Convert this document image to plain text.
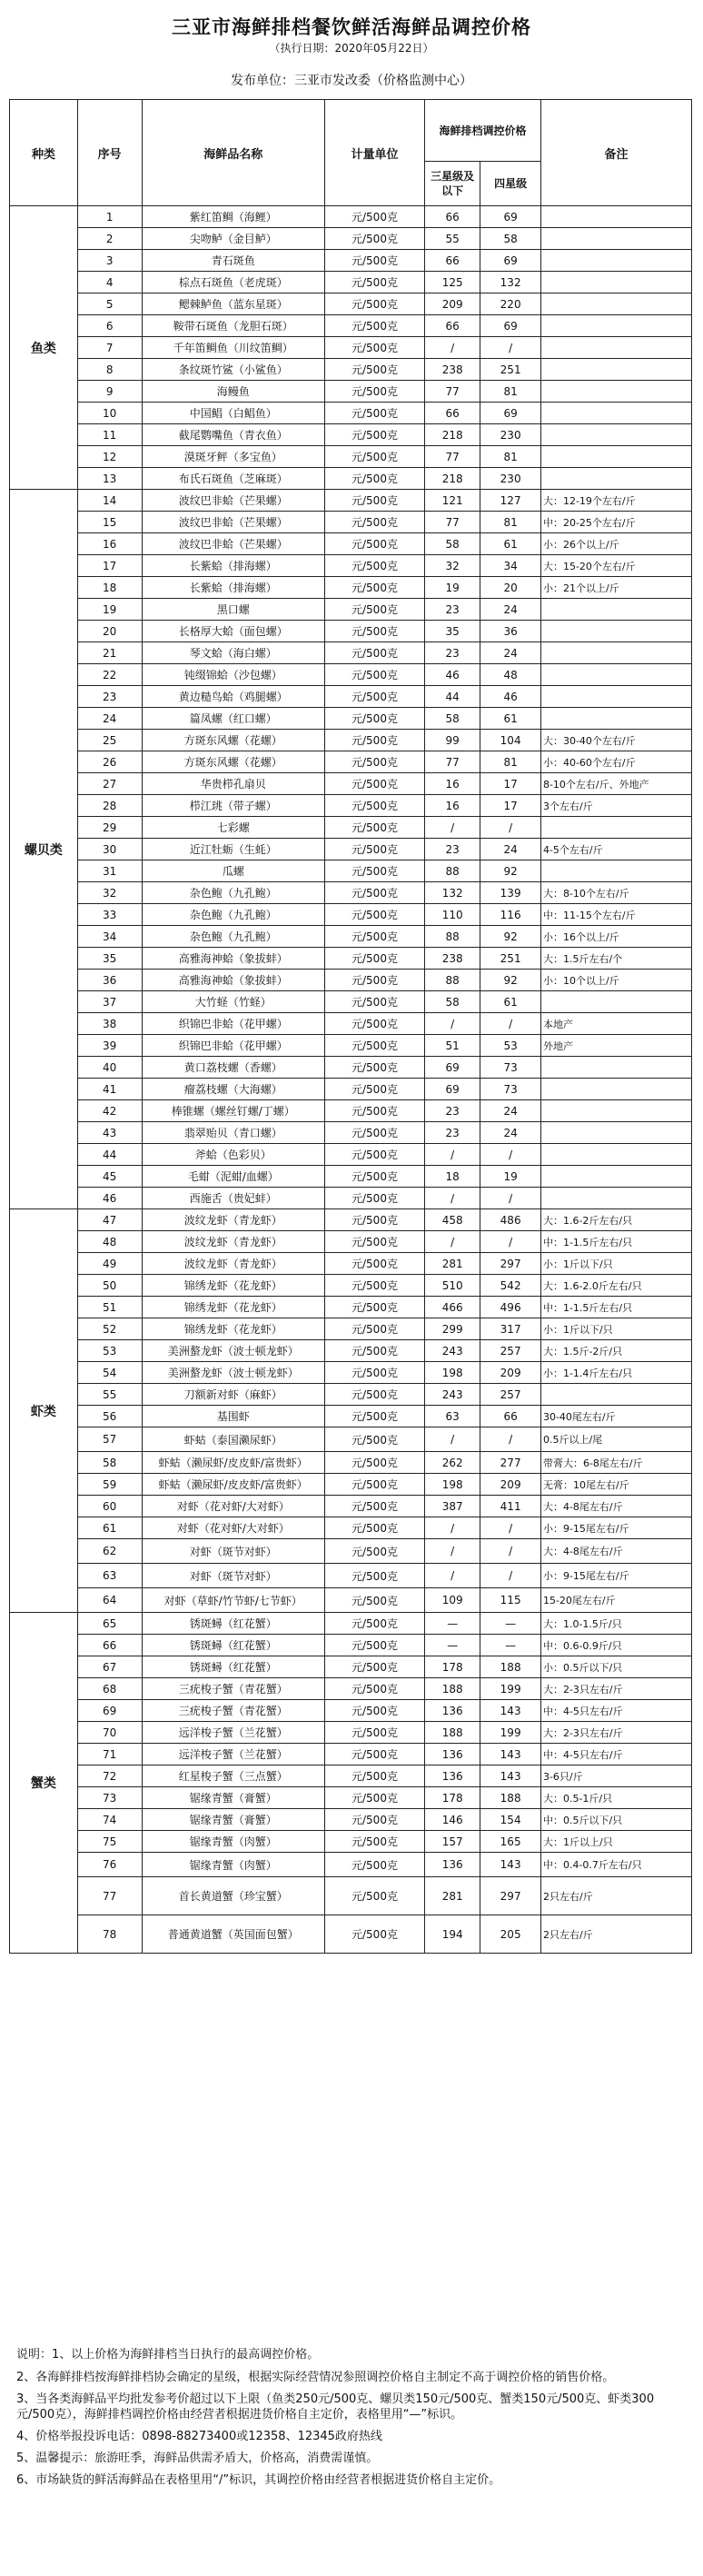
三亚市海鲜排档餐饮鲜活海鲜品调控价格
（执行日期：2020年05月22日）
发布单位：三亚市发改委（价格监测中心）
种类	序号	海鲜品名称	计量单位	海鲜排档调控价格		备注
				三星级及以下	四星级	
鱼类	1	紫红笛鲷（海鲤）	元/500克	66	69	
	2	尖吻鲈（金目鲈）	元/500克	55	58	
	3	青石斑鱼	元/500克	66	69	
	4	棕点石斑鱼（老虎斑）	元/500克	125	132	
	5	鳃棘鲈鱼（蓝东星斑）	元/500克	209	220	
	6	鞍带石斑鱼（龙胆石斑）	元/500克	66	69	
	7	千年笛鲷鱼（川纹笛鲷）	元/500克	/	/	
	8	条纹斑竹鲨（小鲨鱼）	元/500克	238	251	
	9	海鳗鱼	元/500克	77	81	
	10	中国鲳（白鲳鱼）	元/500克	66	69	
	11	截尾鹦嘴鱼（青衣鱼）	元/500克	218	230	
	12	漠斑牙鲆（多宝鱼）	元/500克	77	81	
	13	布氏石斑鱼（芝麻斑）	元/500克	218	230	
螺贝类	14	波纹巴非蛤（芒果螺）	元/500克	121	127	大：12-19个左右/斤
	15	波纹巴非蛤（芒果螺）	元/500克	77	81	中：20-25个左右/斤
	16	波纹巴非蛤（芒果螺）	元/500克	58	61	小：26个以上/斤
	17	长紫蛤（排海螺）	元/500克	32	34	大：15-20个左右/斤
	18	长紫蛤（排海螺）	元/500克	19	20	小：21个以上/斤
	19	黑口螺	元/500克	23	24	
	20	长格厚大蛤（面包螺）	元/500克	35	36	
	21	琴文蛤（海白螺）	元/500克	23	24	
	22	钝缀锦蛤（沙包螺）	元/500克	46	48	
	23	黄边糙鸟蛤（鸡腿螺）	元/500克	44	46	
	24	篇凤螺（红口螺）	元/500克	58	61	
	25	方斑东风螺（花螺）	元/500克	99	104	大：30-40个左右/斤
	26	方斑东风螺（花螺）	元/500克	77	81	小：40-60个左右/斤
	27	华贵栉孔扇贝	元/500克	16	17	8-10个左右/斤、外地产
	28	栉江珧（带子螺）	元/500克	16	17	3个左右/斤
	29	七彩螺	元/500克	/	/	
	30	近江牡蛎（生蚝）	元/500克	23	24	4-5个左右/斤
	31	瓜螺	元/500克	88	92	
	32	杂色鲍（九孔鲍）	元/500克	132	139	大：8-10个左右/斤
	33	杂色鲍（九孔鲍）	元/500克	110	116	中：11-15个左右/斤
	34	杂色鲍（九孔鲍）	元/500克	88	92	小：16个以上/斤
	35	高雅海神蛤（象拔蚌）	元/500克	238	251	大：1.5斤左右/个
	36	高雅海神蛤（象拔蚌）	元/500克	88	92	小：10个以上/斤
	37	大竹蛏（竹蛏）	元/500克	58	61	
	38	织锦巴非蛤（花甲螺）	元/500克	/	/	本地产
	39	织锦巴非蛤（花甲螺）	元/500克	51	53	外地产
	40	黄口荔枝螺（香螺）	元/500克	69	73	
	41	瘤荔枝螺（大海螺）	元/500克	69	73	
	42	棒锥螺（螺丝钉螺/丁螺）	元/500克	23	24	
	43	翡翠贻贝（青口螺）	元/500克	23	24	
	44	斧蛤（色彩贝）	元/500克	/	/	
	45	毛蚶（泥蚶/血螺）	元/500克	18	19	
	46	西施舌（贵妃蚌）	元/500克	/	/	
虾类	47	波纹龙虾（青龙虾）	元/500克	458	486	大：1.6-2斤左右/只
	48	波纹龙虾（青龙虾）	元/500克	/	/	中：1-1.5斤左右/只
	49	波纹龙虾（青龙虾）	元/500克	281	297	小：1斤以下/只
	50	锦绣龙虾（花龙虾）	元/500克	510	542	大：1.6-2.0斤左右/只
	51	锦绣龙虾（花龙虾）	元/500克	466	496	中：1-1.5斤左右/只
	52	锦绣龙虾（花龙虾）	元/500克	299	317	小：1斤以下/只
	53	美洲螯龙虾（波士顿龙虾）	元/500克	243	257	大：1.5斤-2斤/只
	54	美洲螯龙虾（波士顿龙虾）	元/500克	198	209	小：1-1.4斤左右/只
	55	刀额新对虾（麻虾）	元/500克	243	257	
	56	基围虾	元/500克	63	66	30-40尾左右/斤
	57	虾蛄（泰国濑尿虾）	元/500克	/	/	0.5斤以上/尾
	58	虾蛄（濑尿虾/皮皮虾/富贵虾）	元/500克	262	277	带膏大：6-8尾左右/斤
	59	虾蛄（濑尿虾/皮皮虾/富贵虾）	元/500克	198	209	无膏：10尾左右/斤
	60	对虾（花对虾/大对虾）	元/500克	387	411	大：4-8尾左右/斤
	61	对虾（花对虾/大对虾）	元/500克	/	/	小：9-15尾左右/斤
	62	对虾（斑节对虾）	元/500克	/	/	大：4-8尾左右/斤
	63	对虾（斑节对虾）	元/500克	/	/	小：9-15尾左右/斤
	64	对虾（草虾/竹节虾/七节虾）	元/500克	109	115	15-20尾左右/斤
蟹类	65	锈斑蟳（红花蟹）	元/500克	—	—	大：1.0-1.5斤/只
	66	锈斑蟳（红花蟹）	元/500克	—	—	中：0.6-0.9斤/只
	67	锈斑蟳（红花蟹）	元/500克	178	188	小：0.5斤以下/只
	68	三疣梭子蟹（青花蟹）	元/500克	188	199	大：2-3只左右/斤
	69	三疣梭子蟹（青花蟹）	元/500克	136	143	中：4-5只左右/斤
	70	远洋梭子蟹（兰花蟹）	元/500克	188	199	大：2-3只左右/斤
	71	远洋梭子蟹（兰花蟹）	元/500克	136	143	中：4-5只左右/斤
	72	红星梭子蟹（三点蟹）	元/500克	136	143	3-6只/斤
	73	锯缘青蟹（膏蟹）	元/500克	178	188	大：0.5-1斤/只
	74	锯缘青蟹（膏蟹）	元/500克	146	154	中：0.5斤以下/只
	75	锯缘青蟹（肉蟹）	元/500克	157	165	大：1斤以上/只
	76	锯缘青蟹（肉蟹）	元/500克	136	143	中：0.4-0.7斤左右/只
	77	首长黄道蟹（珍宝蟹）	元/500克	281	297	2只左右/斤
	78	普通黄道蟹（英国面包蟹）	元/500克	194	205	2只左右/斤
说明：1、以上价格为海鲜排档当日执行的最高调控价格。
2、各海鲜排档按海鲜排档协会确定的星级，根据实际经营情况参照调控价格自主制定不高于调控价格的销售价格。
3、当各类海鲜品平均批发参考价超过以下上限（鱼类250元/500克、螺贝类150元/500克、蟹类150元/500克、虾类300元/500克），海鲜排档调控价格由经营者根据进货价格自主定价，表格里用“—”标识。
4、价格举报投诉电话：0898-88273400或12358、12345政府热线
5、温馨提示：旅游旺季，海鲜品供需矛盾大，价格高，消费需谨慎。
6、市场缺货的鲜活海鲜品在表格里用“/”标识，其调控价格由经营者根据进货价格自主定价。
